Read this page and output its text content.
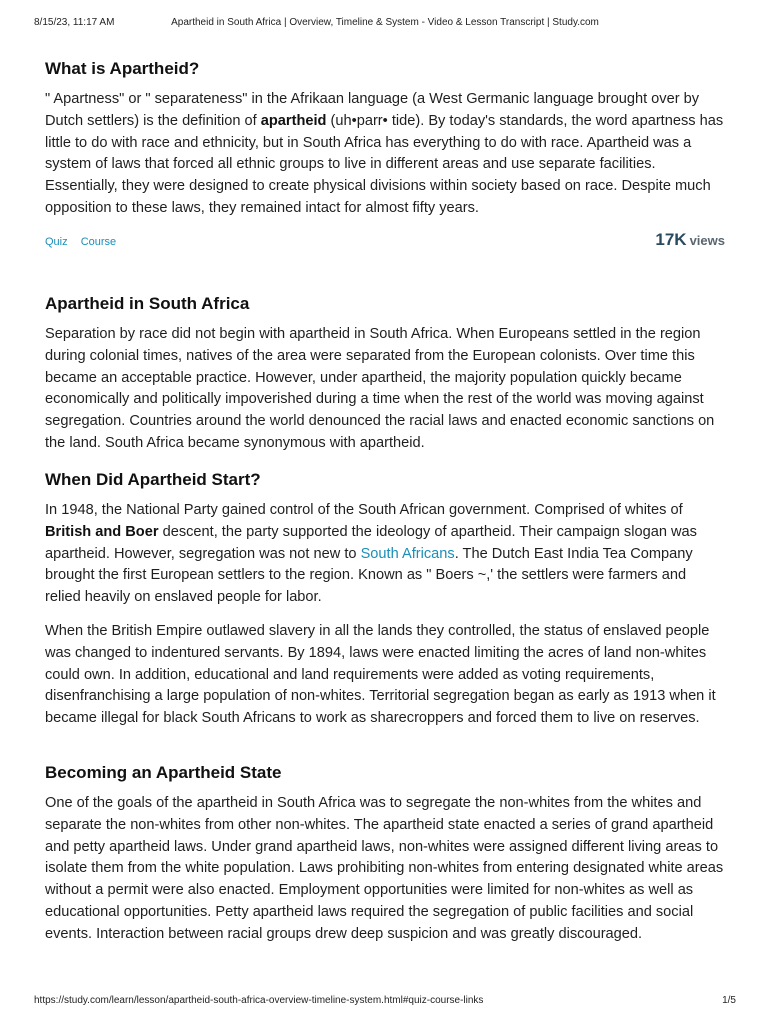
8/15/23, 11:17 AM	Apartheid in South Africa | Overview, Timeline & System - Video & Lesson Transcript | Study.com
What is Apartheid?

" Apartness" or " separateness" in the Afrikaan language (a West Germanic language brought over by Dutch settlers) is the definition of apartheid (uh•parr• tide). By today's standards, the word apartness has little to do with race and ethnicity, but in South Africa has everything to do with race. Apartheid was a system of laws that forced all ethnic groups to live in different areas and use separate facilities. Essentially, they were designed to create physical divisions within society based on race. Despite much opposition to these laws, they remained intact for almost fifty years.

Quiz Course	17K views
Apartheid in South Africa

Separation by race did not begin with apartheid in South Africa. When Europeans settled in the region during colonial times, natives of the area were separated from the European colonists. Over time this became an acceptable practice. However, under apartheid, the majority population quickly became economically and politically impoverished during a time when the rest of the world was moving against segregation. Countries around the world denounced the racial laws and enacted economic sanctions on the land. South Africa became synonymous with apartheid.

When Did Apartheid Start?

In 1948, the National Party gained control of the South African government. Comprised of whites of British and Boer descent, the party supported the ideology of apartheid. Their campaign slogan was apartheid. However, segregation was not new to South Africans. The Dutch East India Tea Company brought the first European settlers to the region. Known as " Boers ~,' the settlers were farmers and relied heavily on enslaved people for labor.

When the British Empire outlawed slavery in all the lands they controlled, the status of enslaved people was changed to indentured servants. By 1894, laws were enacted limiting the acres of land non-whites could own. In addition, educational and land requirements were added as voting requirements, disenfranchising a large population of non-whites. Territorial segregation began as early as 1913 when it became illegal for black South Africans to work as sharecroppers and forced them to live on reserves.

Becoming an Apartheid State

One of the goals of the apartheid in South Africa was to segregate the non-whites from the whites and separate the non-whites from other non-whites. The apartheid state enacted a series of grand apartheid and petty apartheid laws. Under grand apartheid laws, non-whites were assigned different living areas to isolate them from the white population. Laws prohibiting non-whites from entering designated white areas without a permit were also enacted. Employment opportunities were limited for non-whites as well as educational opportunities. Petty apartheid laws required the segregation of public facilities and social events. Interaction between racial groups drew deep suspicion and was greatly discouraged.

https://study.com/learn/lesson/apartheid-south-africa-overview-timeline-system.html#quiz-course-links	1/5
